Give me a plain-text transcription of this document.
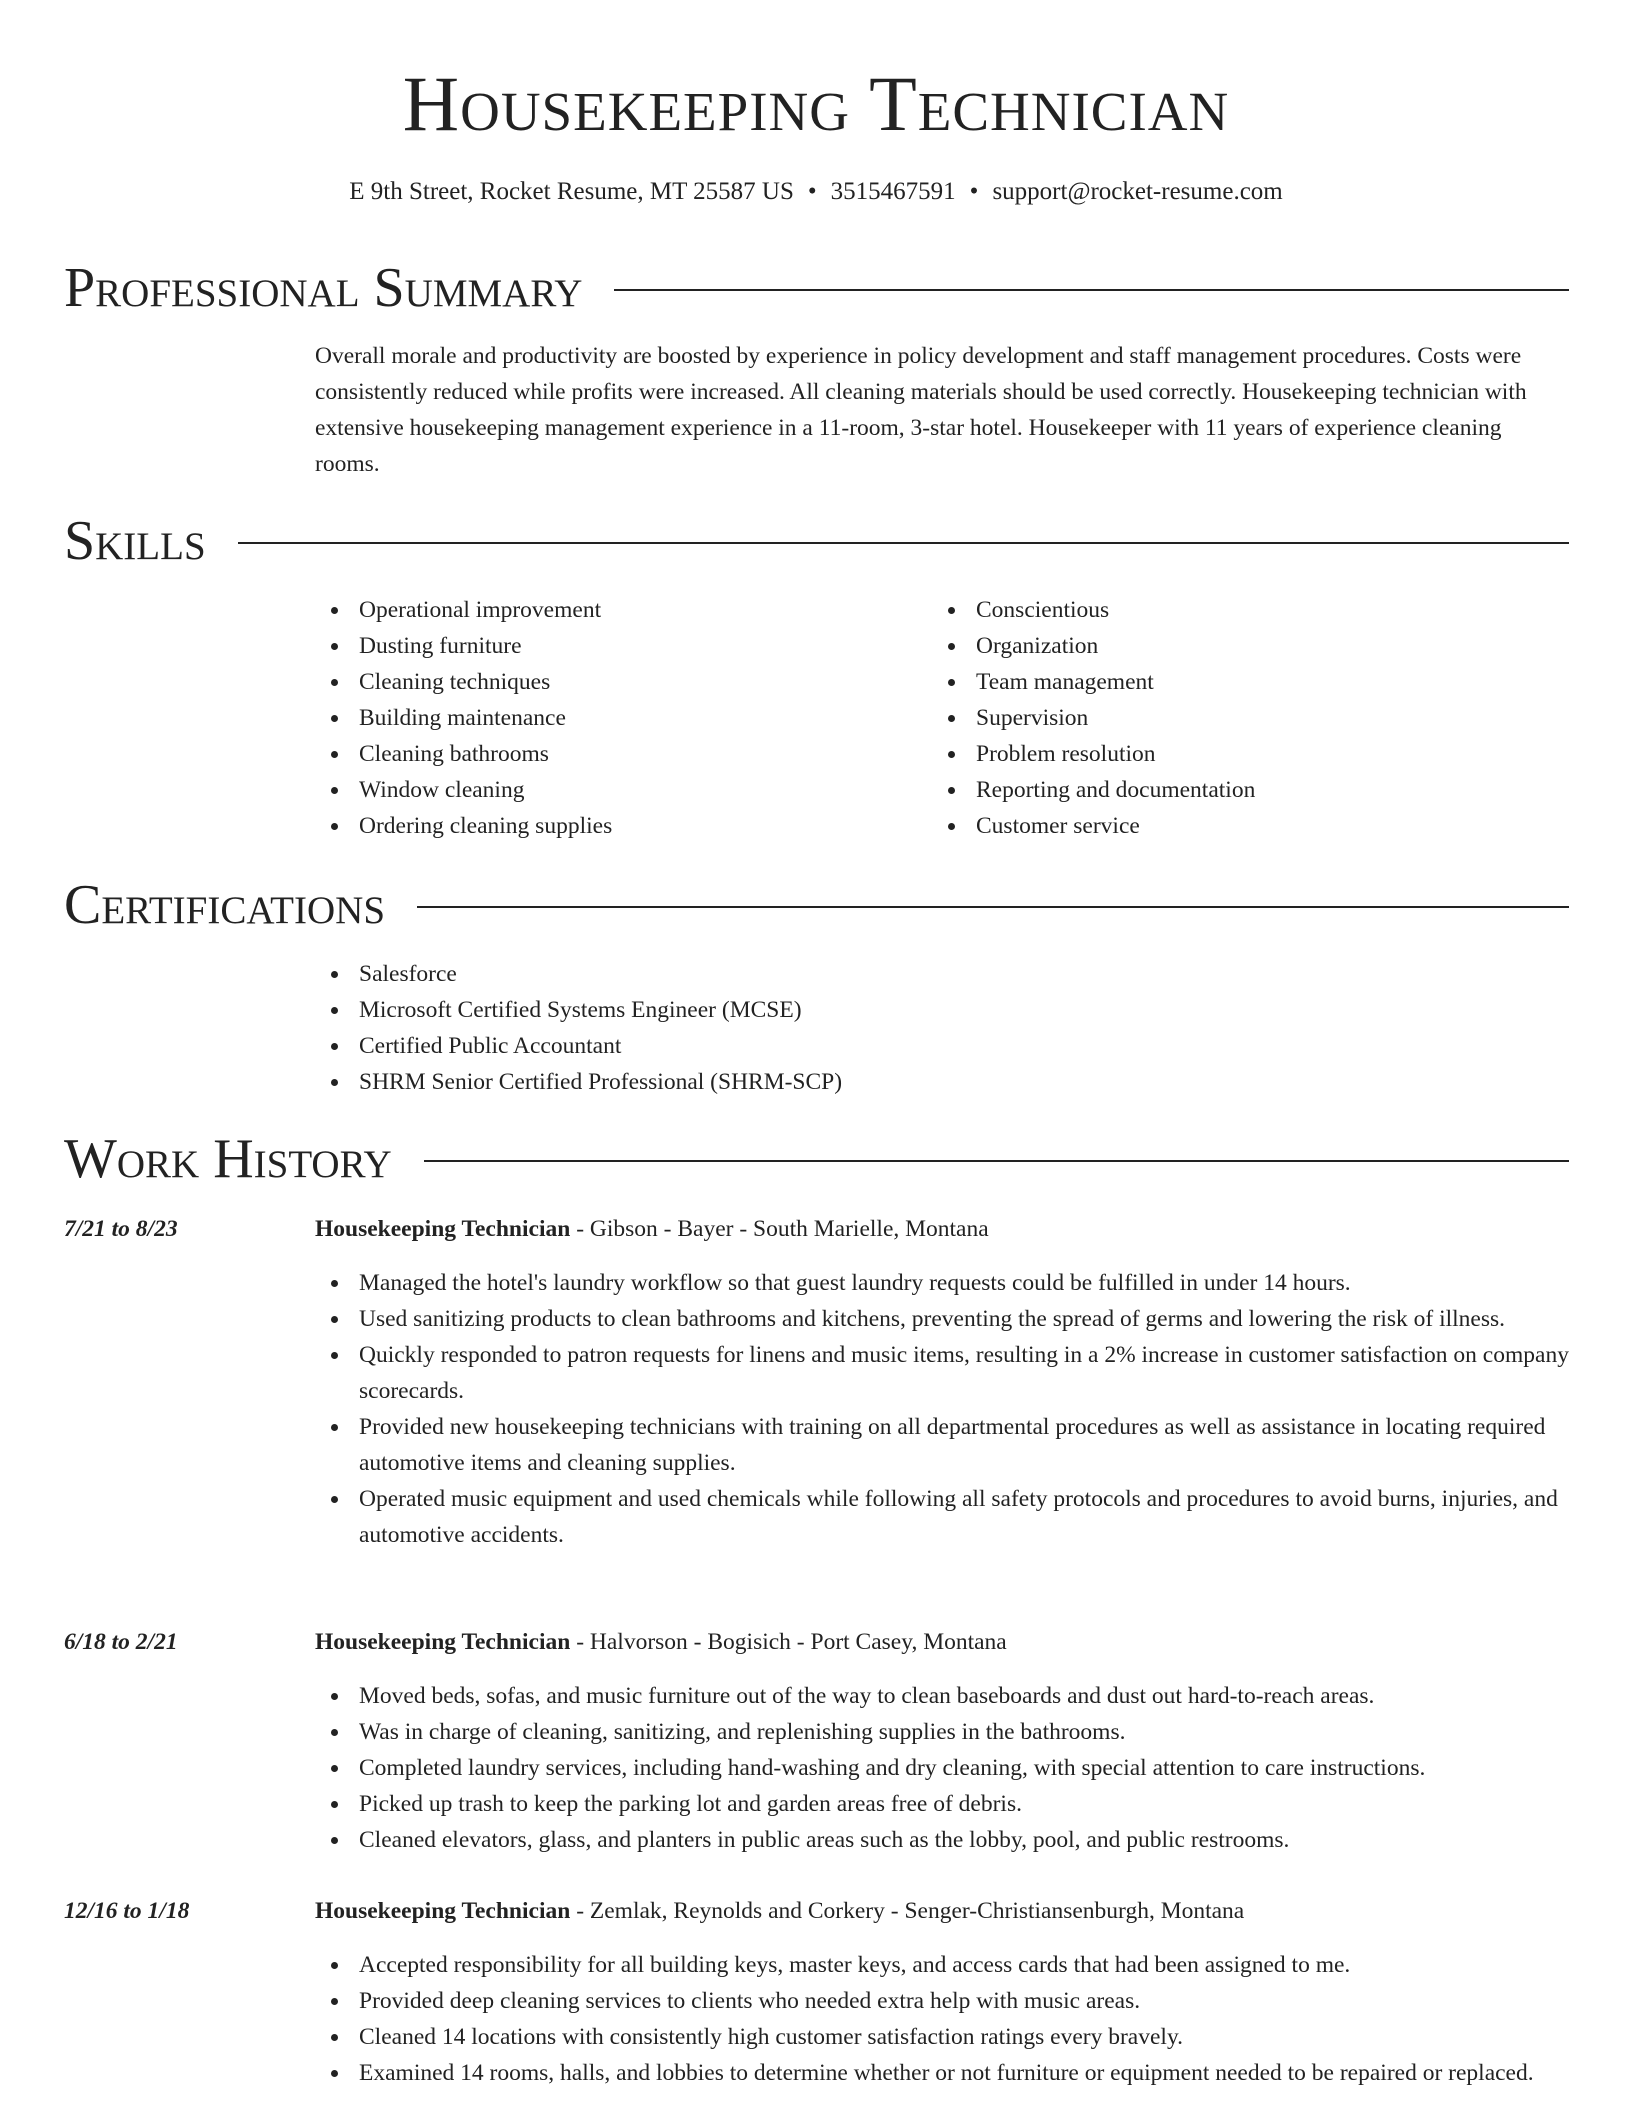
Housekeeping Technician
E 9th Street, Rocket Resume, MT 25587 US • 3515467591 • support@rocket-resume.com
Professional Summary
Overall morale and productivity are boosted by experience in policy development and staff management procedures. Costs were consistently reduced while profits were increased. All cleaning materials should be used correctly. Housekeeping technician with extensive housekeeping management experience in a 11-room, 3-star hotel. Housekeeper with 11 years of experience cleaning rooms.
Skills
Operational improvement
Dusting furniture
Cleaning techniques
Building maintenance
Cleaning bathrooms
Window cleaning
Ordering cleaning supplies
Conscientious
Organization
Team management
Supervision
Problem resolution
Reporting and documentation
Customer service
Certifications
Salesforce
Microsoft Certified Systems Engineer (MCSE)
Certified Public Accountant
SHRM Senior Certified Professional (SHRM-SCP)
Work History
7/21 to 8/23	Housekeeping Technician - Gibson - Bayer - South Marielle, Montana
Managed the hotel's laundry workflow so that guest laundry requests could be fulfilled in under 14 hours.
Used sanitizing products to clean bathrooms and kitchens, preventing the spread of germs and lowering the risk of illness.
Quickly responded to patron requests for linens and music items, resulting in a 2% increase in customer satisfaction on company scorecards.
Provided new housekeeping technicians with training on all departmental procedures as well as assistance in locating required automotive items and cleaning supplies.
Operated music equipment and used chemicals while following all safety protocols and procedures to avoid burns, injuries, and automotive accidents.
6/18 to 2/21	Housekeeping Technician - Halvorson - Bogisich - Port Casey, Montana
Moved beds, sofas, and music furniture out of the way to clean baseboards and dust out hard-to-reach areas.
Was in charge of cleaning, sanitizing, and replenishing supplies in the bathrooms.
Completed laundry services, including hand-washing and dry cleaning, with special attention to care instructions.
Picked up trash to keep the parking lot and garden areas free of debris.
Cleaned elevators, glass, and planters in public areas such as the lobby, pool, and public restrooms.
12/16 to 1/18	Housekeeping Technician - Zemlak, Reynolds and Corkery - Senger-Christiansenburgh, Montana
Accepted responsibility for all building keys, master keys, and access cards that had been assigned to me.
Provided deep cleaning services to clients who needed extra help with music areas.
Cleaned 14 locations with consistently high customer satisfaction ratings every bravely.
Examined 14 rooms, halls, and lobbies to determine whether or not furniture or equipment needed to be repaired or replaced.
